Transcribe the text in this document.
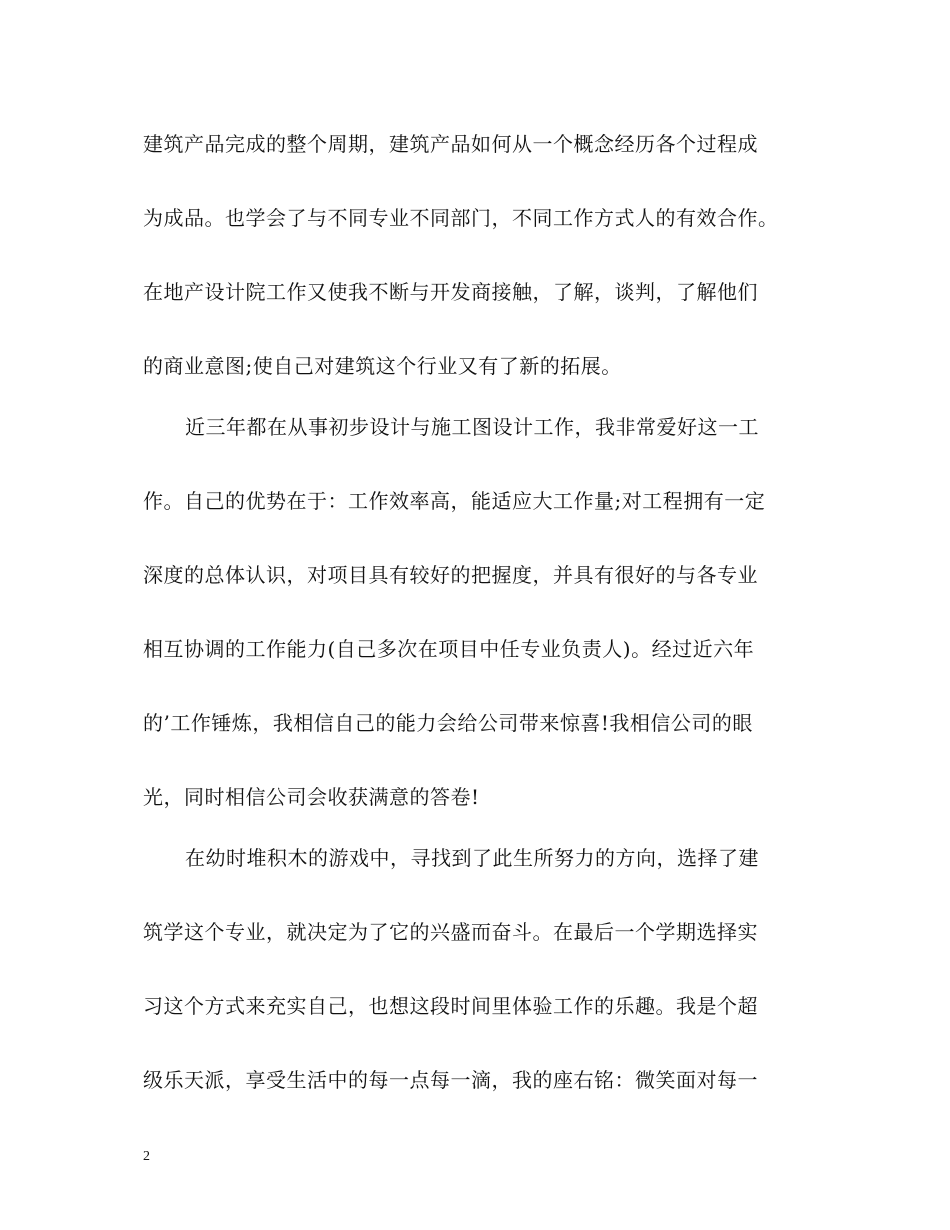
建筑产品完成的整个周期，建筑产品如何从一个概念经历各个过程成
为成品。也学会了与不同专业不同部门，不同工作方式人的有效合作。
在地产设计院工作又使我不断与开发商接触，了解，谈判，了解他们
的商业意图;使自己对建筑这个行业又有了新的拓展。
近三年都在从事初步设计与施工图设计工作，我非常爱好这一工
作。自己的优势在于：工作效率高，能适应大工作量;对工程拥有一定
深度的总体认识，对项目具有较好的把握度，并具有很好的与各专业
相互协调的工作能力(自己多次在项目中任专业负责人)。经过近六年
的’工作锤炼，我相信自己的能力会给公司带来惊喜!我相信公司的眼
光，同时相信公司会收获满意的答卷!
在幼时堆积木的游戏中，寻找到了此生所努力的方向，选择了建
筑学这个专业，就决定为了它的兴盛而奋斗。在最后一个学期选择实
习这个方式来充实自己，也想这段时间里体验工作的乐趣。我是个超
级乐天派，享受生活中的每一点每一滴，我的座右铭：微笑面对每一
2
